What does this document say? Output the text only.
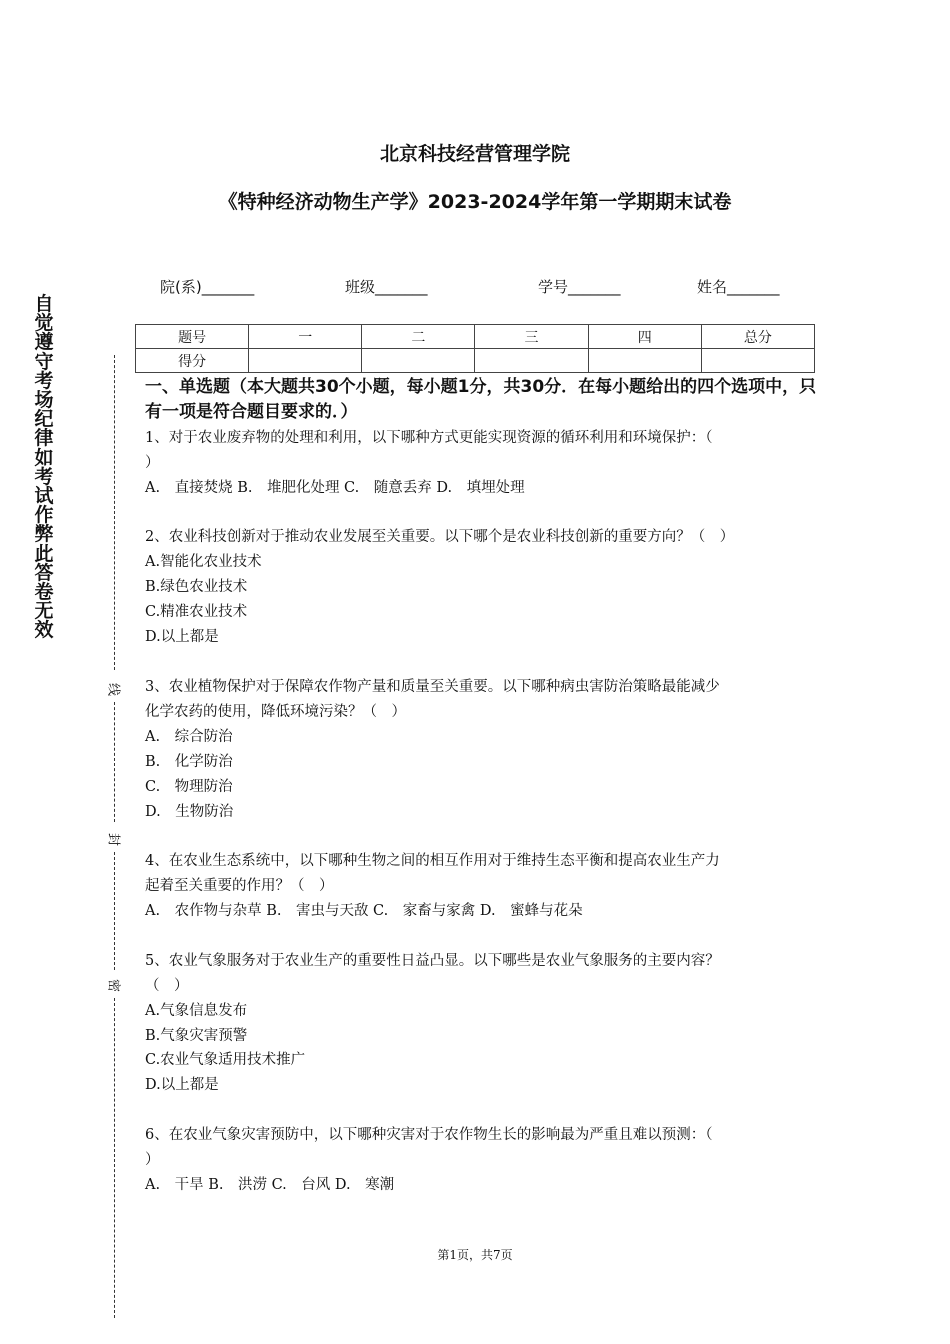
北京科技经营管理学院
《特种经济动物生产学》2023-2024学年第一学期期末试卷
院(系)_______	班级_______	学号_______	姓名_______
题号	一	二	三	四	总分
得分					
自觉遵守考场纪律如考试作弊此答卷无效
线
封
密
一、单选题（本大题共30个小题，每小题1分，共30分．在每小题给出的四个选项中，只有一项是符合题目要求的．）
1、对于农业废弃物的处理和利用，以下哪种方式更能实现资源的循环利用和环境保护：（
）
A.　直接焚烧 B.　堆肥化处理 C.　随意丢弃 D.　填埋处理
2、农业科技创新对于推动农业发展至关重要。以下哪个是农业科技创新的重要方向？（　）
A.智能化农业技术
B.绿色农业技术
C.精准农业技术
D.以上都是
3、农业植物保护对于保障农作物产量和质量至关重要。以下哪种病虫害防治策略最能减少
化学农药的使用，降低环境污染？（　）
A.　综合防治
B.　化学防治
C.　物理防治
D.　生物防治
4、在农业生态系统中，以下哪种生物之间的相互作用对于维持生态平衡和提高农业生产力
起着至关重要的作用？（　）
A.　农作物与杂草 B.　害虫与天敌 C.　家畜与家禽 D.　蜜蜂与花朵
5、农业气象服务对于农业生产的重要性日益凸显。以下哪些是农业气象服务的主要内容？
（　）
A.气象信息发布
B.气象灾害预警
C.农业气象适用技术推广
D.以上都是
6、在农业气象灾害预防中，以下哪种灾害对于农作物生长的影响最为严重且难以预测：（
）
A.　干旱 B.　洪涝 C.　台风 D.　寒潮
第1页，共7页
